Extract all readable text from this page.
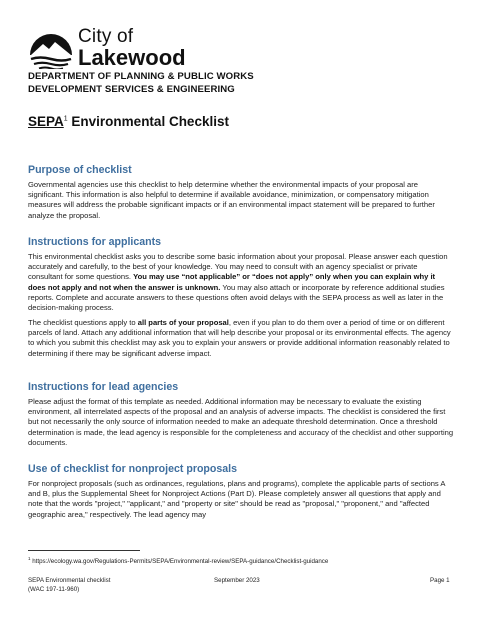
City of
Lakewood
DEPARTMENT OF PLANNING & PUBLIC WORKS
DEVELOPMENT SERVICES & ENGINEERING
SEPA$^1$ Environmental Checklist
Purpose of checklist

Governmental agencies use this checklist to help determine whether the environmental impacts of your proposal are significant. This information is also helpful to determine if available avoidance, minimization, or compensatory mitigation measures will address the probable significant impacts or if an environmental impact statement will be prepared to further analyze the proposal.

Instructions for applicants

This environmental checklist asks you to describe some basic information about your proposal. Please answer each question accurately and carefully, to the best of your knowledge. You may need to consult with an agency specialist or private consultant for some questions. You may use “not applicable” or “does not apply” only when you can explain why it does not apply and not when the answer is unknown. You may also attach or incorporate by reference additional studies reports. Complete and accurate answers to these questions often avoid delays with the SEPA process as well as later in the decision-making process.

The checklist questions apply to all parts of your proposal, even if you plan to do them over a period of time or on different parcels of land. Attach any additional information that will help describe your proposal or its environmental effects. The agency to which you submit this checklist may ask you to explain your answers or provide additional information reasonably related to determining if there may be significant adverse impact.

Instructions for lead agencies

Please adjust the format of this template as needed. Additional information may be necessary to evaluate the existing environment, all interrelated aspects of the proposal and an analysis of adverse impacts. The checklist is considered the first but not necessarily the only source of information needed to make an adequate threshold determination. Once a threshold determination is made, the lead agency is responsible for the completeness and accuracy of the checklist and other supporting documents.

Use of checklist for nonproject proposals

For nonproject proposals (such as ordinances, regulations, plans and programs), complete the applicable parts of sections A and B, plus the Supplemental Sheet for Nonproject Actions (Part D). Please completely answer all questions that apply and note that the words "project," "applicant," and "property or site" should be read as "proposal," "proponent," and "affected geographic area," respectively. The lead agency may

$^1$ https://ecology.wa.gov/Regulations-Permits/SEPA/Environmental-review/SEPA-guidance/Checklist-guidance
SEPA Environmental checklist
(WAC 197-11-960)
September 2023	Page 1
